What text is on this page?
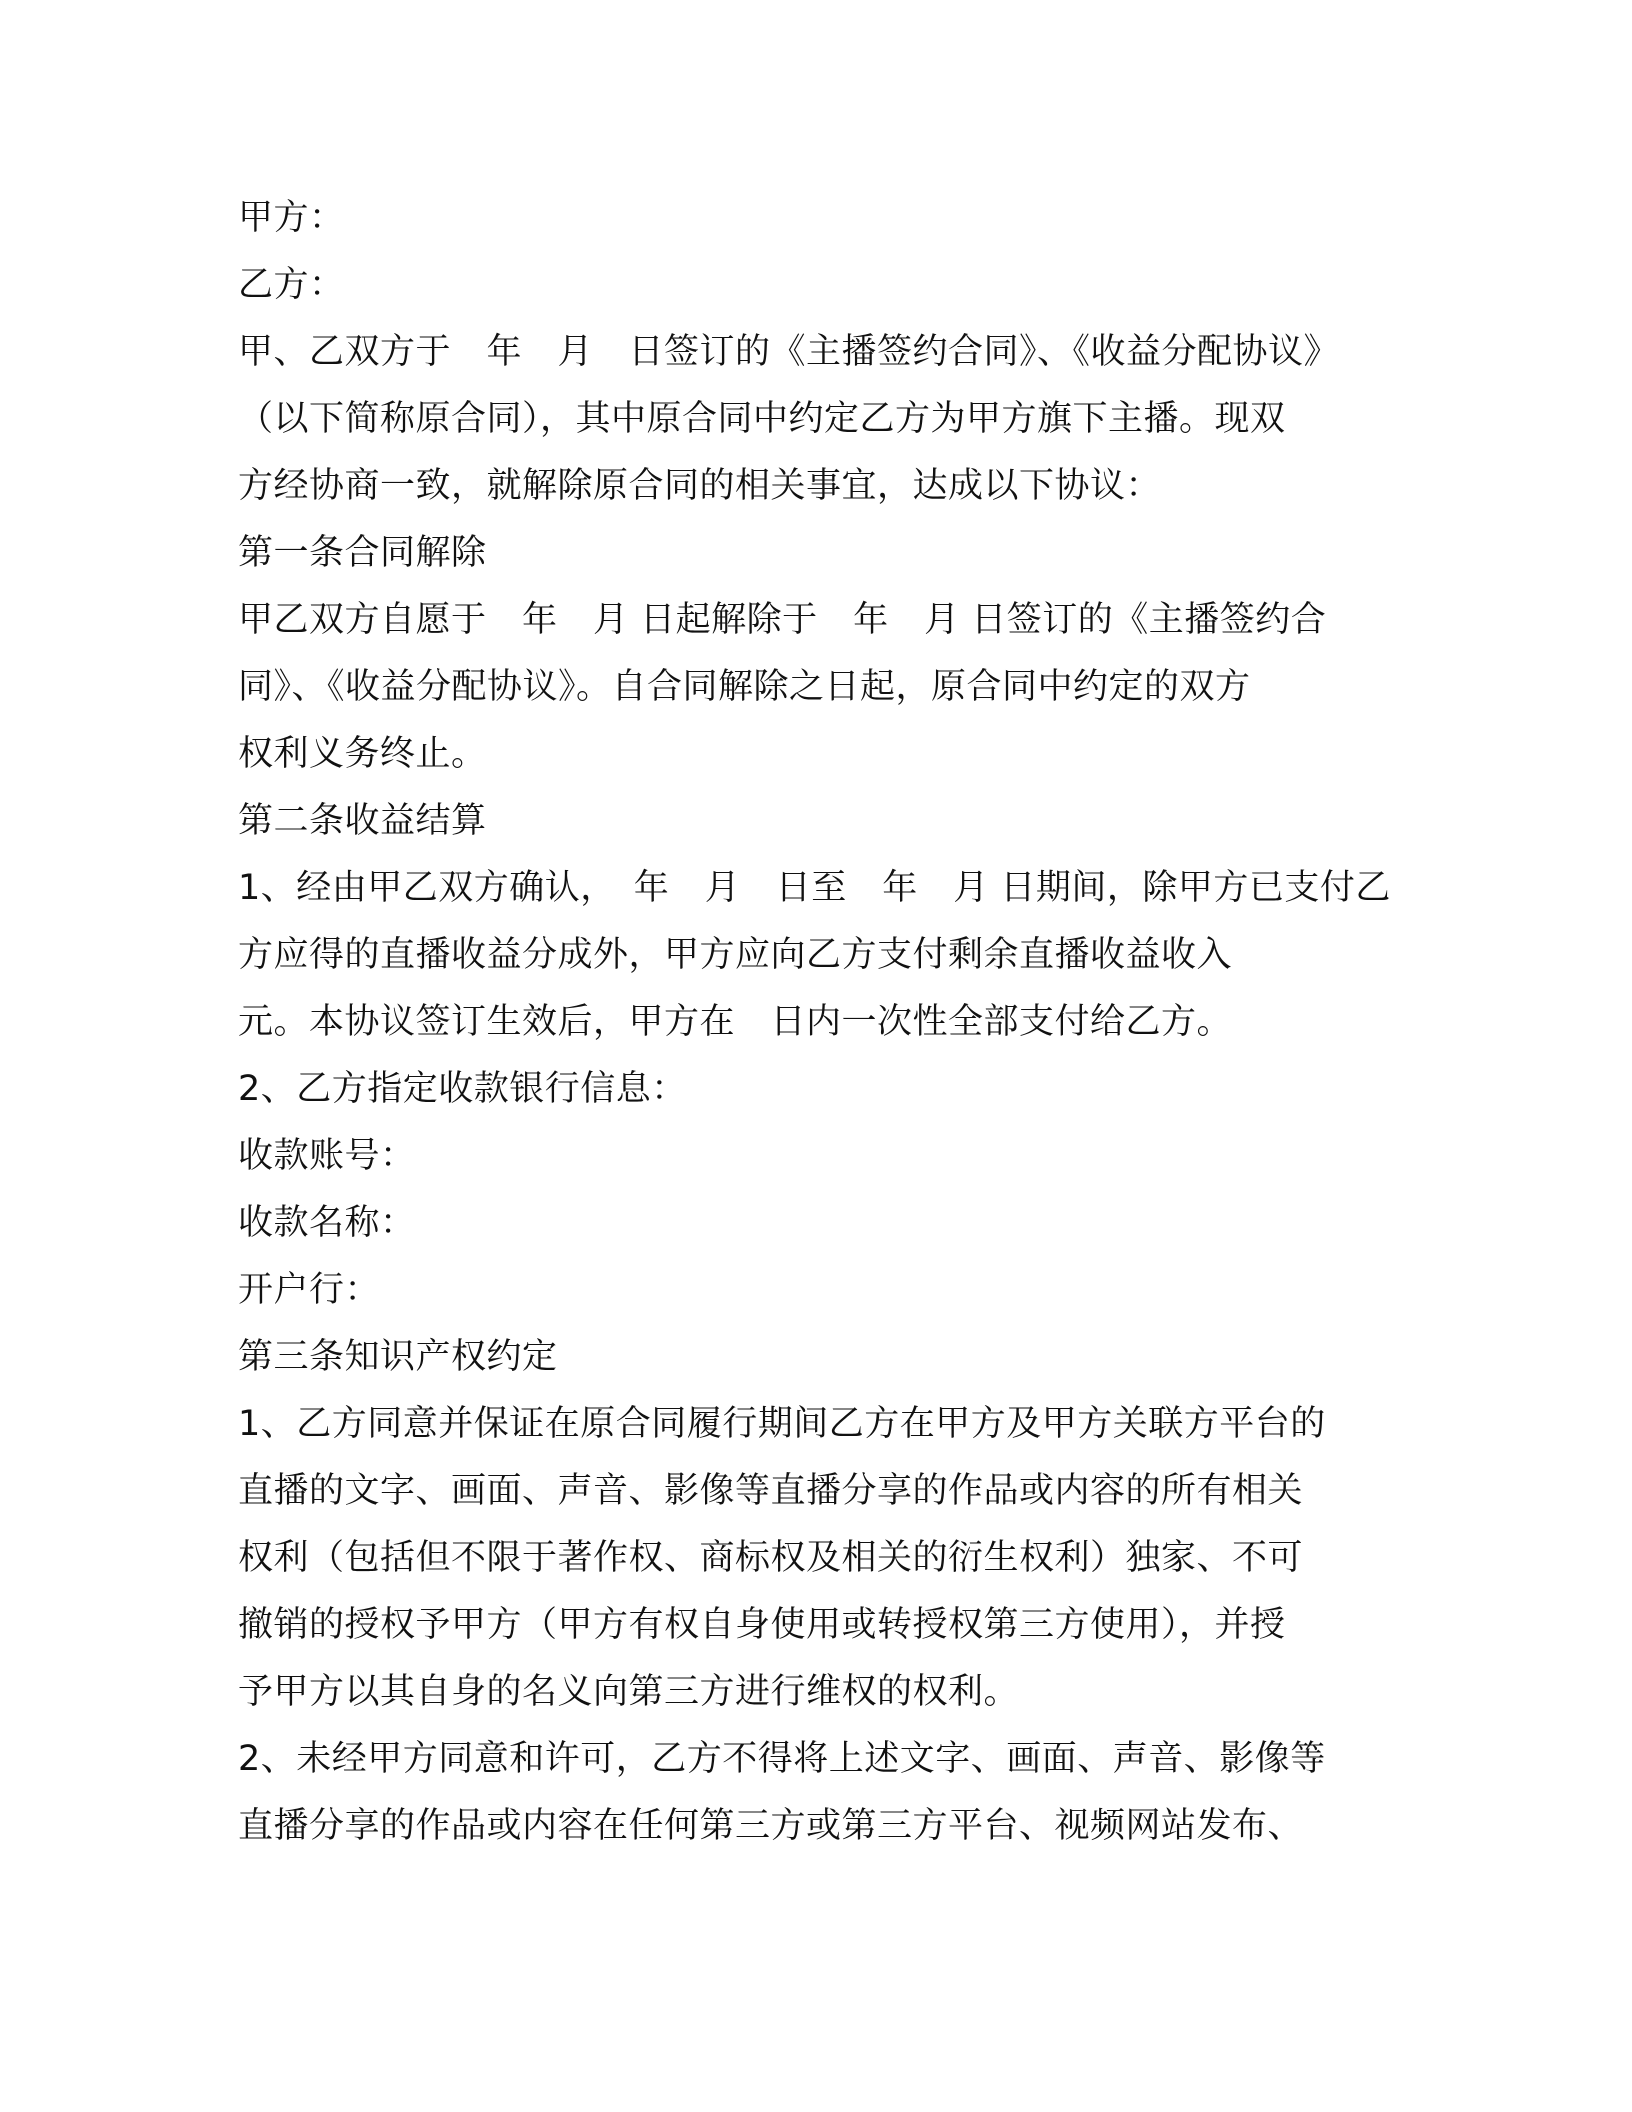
甲方：
乙方：
甲、乙双方于　年　月　日签订的《主播签约合同》、《收益分配协议》
（以下简称原合同），其中原合同中约定乙方为甲方旗下主播。现双
方经协商一致，就解除原合同的相关事宜，达成以下协议：
第一条合同解除
甲乙双方自愿于　年　月 日起解除于　年　月 日签订的《主播签约合
同》、《收益分配协议》。自合同解除之日起，原合同中约定的双方
权利义务终止。
第二条收益结算
1、经由甲乙双方确认，　年　月　日至　年　月 日期间，除甲方已支付乙
方应得的直播收益分成外，甲方应向乙方支付剩余直播收益收入
元。本协议签订生效后，甲方在　日内一次性全部支付给乙方。
2、乙方指定收款银行信息：
收款账号：
收款名称：
开户行：
第三条知识产权约定
1、乙方同意并保证在原合同履行期间乙方在甲方及甲方关联方平台的
直播的文字、画面、声音、影像等直播分享的作品或内容的所有相关
权利（包括但不限于著作权、商标权及相关的衍生权利）独家、不可
撤销的授权予甲方（甲方有权自身使用或转授权第三方使用），并授
予甲方以其自身的名义向第三方进行维权的权利。
2、未经甲方同意和许可，乙方不得将上述文字、画面、声音、影像等
直播分享的作品或内容在任何第三方或第三方平台、视频网站发布、
